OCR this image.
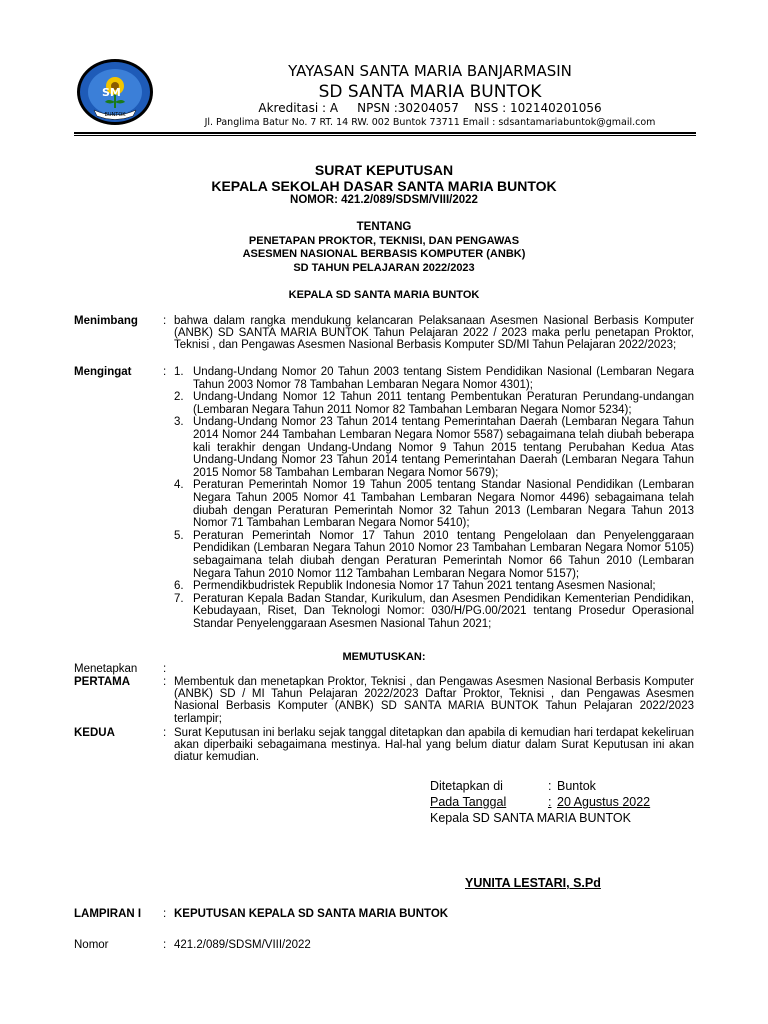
SM
BUNTOK
YAYASAN SANTA MARIA BANJARMASIN
SD SANTA MARIA BUNTOK
Akreditasi : A     NPSN :30204057    NSS : 102140201056
Jl. Panglima Batur No. 7 RT. 14 RW. 002 Buntok 73711 Email : sdsantamariabuntok@gmail.com
SURAT KEPUTUSAN
KEPALA SEKOLAH DASAR SANTA MARIA BUNTOK
NOMOR: 421.2/089/SDSM/VIII/2022
TENTANG
PENETAPAN PROKTOR, TEKNISI, DAN PENGAWAS
ASESMEN NASIONAL BERBASIS KOMPUTER (ANBK)
SD TAHUN PELAJARAN 2022/2023
KEPALA SD SANTA MARIA BUNTOK
Menimbang : bahwa dalam rangka mendukung kelancaran Pelaksanaan Asesmen Nasional Berbasis Komputer (ANBK) SD SANTA MARIA BUNTOK Tahun Pelajaran 2022 / 2023 maka perlu penetapan Proktor, Teknisi , dan Pengawas Asesmen Nasional Berbasis Komputer SD/MI Tahun Pelajaran 2022/2023;
Mengingat	: 1. Undang-Undang Nomor 20 Tahun 2003 tentang Sistem Pendidikan Nasional (Lembaran Negara Tahun 2003 Nomor 78 Tambahan Lembaran Negara Nomor 4301);
2. Undang-Undang Nomor 12 Tahun 2011 tentang Pembentukan Peraturan Perundang-undangan (Lembaran Negara Tahun 2011 Nomor 82 Tambahan Lembaran Negara Nomor 5234);
3. Undang-Undang Nomor 23 Tahun 2014 tentang Pemerintahan Daerah (Lembaran Negara Tahun 2014 Nomor 244 Tambahan Lembaran Negara Nomor 5587) sebagaimana telah diubah beberapa kali terakhir dengan Undang-Undang Nomor 9 Tahun 2015 tentang Perubahan Kedua Atas Undang-Undang Nomor 23 Tahun 2014 tentang Pemerintahan Daerah (Lembaran Negara Tahun 2015 Nomor 58 Tambahan Lembaran Negara Nomor 5679);
4. Peraturan Pemerintah Nomor 19 Tahun 2005 tentang Standar Nasional Pendidikan (Lembaran Negara Tahun 2005 Nomor 41 Tambahan Lembaran Negara Nomor 4496) sebagaimana telah diubah dengan Peraturan Pemerintah Nomor 32 Tahun 2013 (Lembaran Negara Tahun 2013 Nomor 71 Tambahan Lembaran Negara Nomor 5410);
5. Peraturan Pemerintah Nomor 17 Tahun 2010 tentang Pengelolaan dan Penyelenggaraan Pendidikan (Lembaran Negara Tahun 2010 Nomor 23 Tambahan Lembaran Negara Nomor 5105) sebagaimana telah diubah dengan Peraturan Pemerintah Nomor 66 Tahun 2010 (Lembaran Negara Tahun 2010 Nomor 112 Tambahan Lembaran Negara Nomor 5157);
6. Permendikbudristek Republik Indonesia Nomor 17 Tahun 2021 tentang Asesmen Nasional;
7. Peraturan Kepala Badan Standar, Kurikulum, dan Asesmen Pendidikan Kementerian Pendidikan, Kebudayaan, Riset, Dan Teknologi Nomor: 030/H/PG.00/2021 tentang Prosedur Operasional Standar Penyelenggaraan Asesmen Nasional Tahun 2021;
MEMUTUSKAN:
Menetapkan :
PERTAMA	: Membentuk dan menetapkan Proktor, Teknisi , dan Pengawas Asesmen Nasional Berbasis Komputer (ANBK) SD / MI Tahun Pelajaran 2022/2023 Daftar Proktor, Teknisi , dan Pengawas Asesmen Nasional Berbasis Komputer (ANBK) SD SANTA MARIA BUNTOK Tahun Pelajaran 2022/2023 terlampir;
KEDUA	: Surat Keputusan ini berlaku sejak tanggal ditetapkan dan apabila di kemudian hari terdapat kekeliruan akan diperbaiki sebagaimana mestinya. Hal-hal yang belum diatur dalam Surat Keputusan ini akan diatur kemudian.
Ditetapkan di	: Buntok
Pada Tanggal	: 20 Agustus 2022
Kepala SD SANTA MARIA BUNTOK
YUNITA LESTARI, S.Pd
LAMPIRAN I : KEPUTUSAN KEPALA SD SANTA MARIA BUNTOK
Nomor	: 421.2/089/SDSM/VIII/2022
